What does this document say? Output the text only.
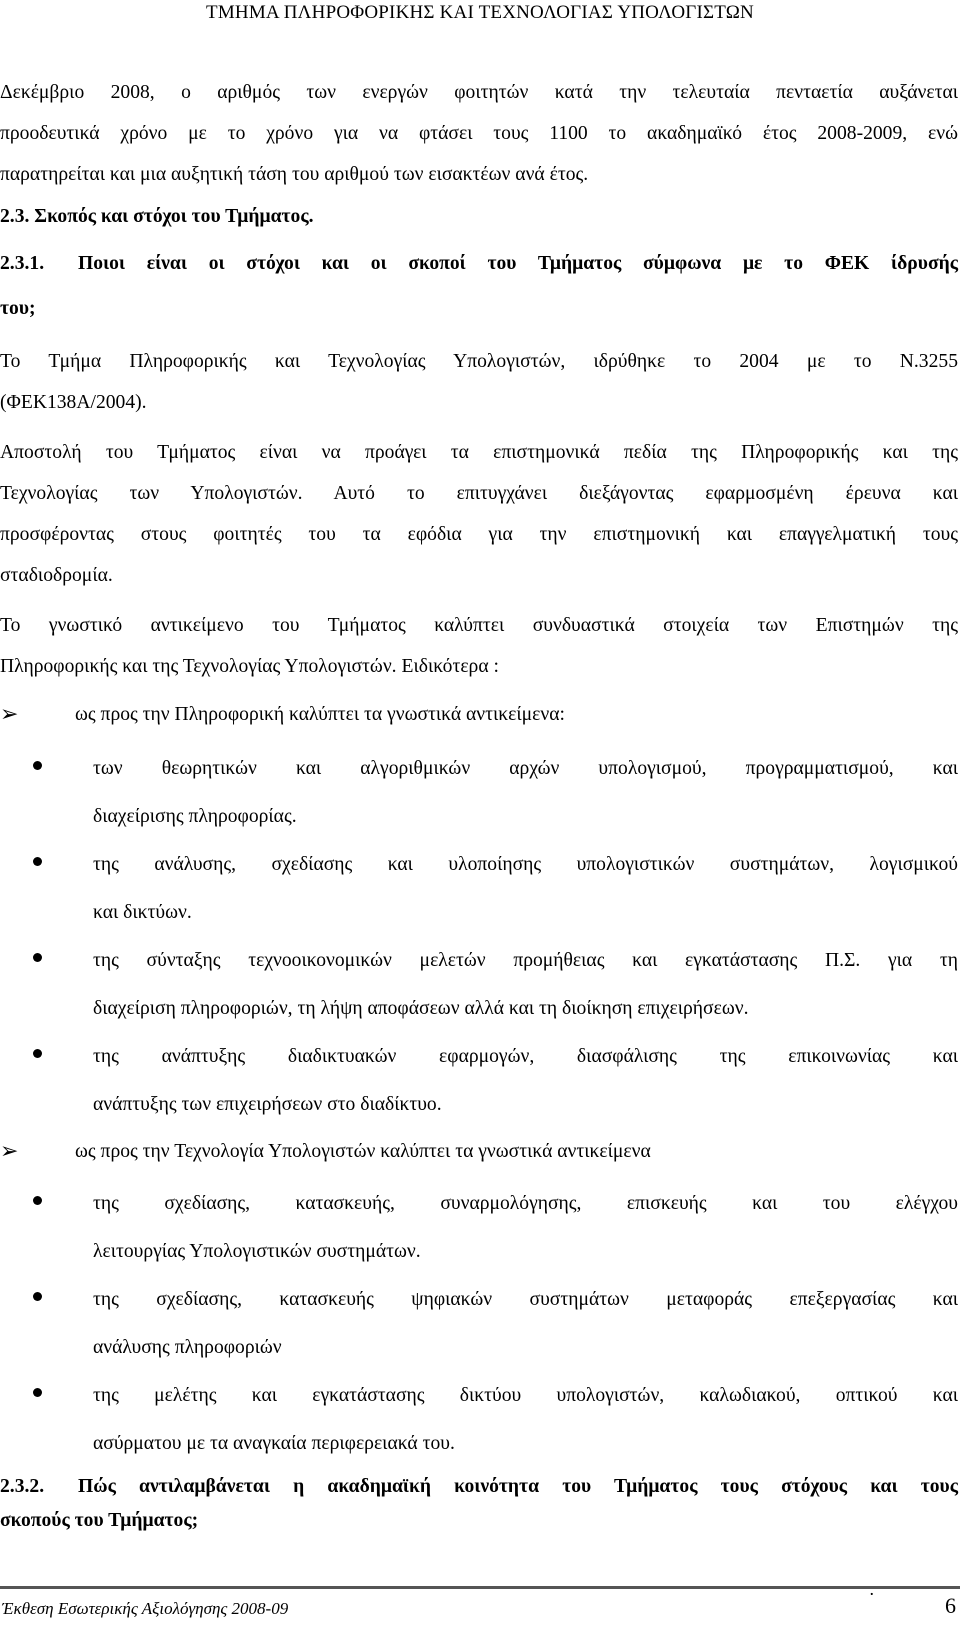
ΤΜΗΜΑ ΠΛΗΡΟΦΟΡΙΚΗΣ ΚΑΙ ΤΕΧΝΟΛΟΓΙΑΣ ΥΠΟΛΟΓΙΣΤΩΝ
Δεκέμβριο 2008, ο αριθμός των ενεργών φοιτητών κατά την τελευταία πενταετία αυξάνεται
προοδευτικά χρόνο με το χρόνο για να φτάσει τους 1100 το ακαδημαϊκό έτος 2008-2009, ενώ
παρατηρείται και μια αυξητική τάση του αριθμού των εισακτέων ανά έτος.
2.3. Σκοπός και στόχοι του Τμήματος.
2.3.1. Ποιοι είναι οι στόχοι και οι σκοποί του Τμήματος σύμφωνα με το ΦΕΚ ίδρυσής
του;
Το Τμήμα Πληροφορικής και Τεχνολογίας Υπολογιστών, ιδρύθηκε το 2004 με το Ν.3255
(ΦΕΚ138Α/2004).
Αποστολή του Τμήματος είναι να προάγει τα επιστημονικά πεδία της Πληροφορικής και της
Τεχνολογίας των Υπολογιστών. Αυτό το επιτυγχάνει διεξάγοντας εφαρμοσμένη έρευνα και
προσφέροντας στους φοιτητές του τα εφόδια για την επιστημονική και επαγγελματική τους
σταδιοδρομία.
Το γνωστικό αντικείμενο του Τμήματος καλύπτει συνδυαστικά στοιχεία των Επιστημών της
Πληροφορικής και της Τεχνολογίας Υπολογιστών. Ειδικότερα :
➢	ως προς την Πληροφορική καλύπτει τα γνωστικά αντικείμενα:
των θεωρητικών και αλγοριθμικών αρχών υπολογισμού, προγραμματισμού, και
διαχείρισης πληροφορίας.
της ανάλυσης, σχεδίασης και υλοποίησης υπολογιστικών συστημάτων, λογισμικού
και δικτύων.
της σύνταξης τεχνοοικονομικών μελετών προμήθειας και εγκατάστασης Π.Σ. για τη
διαχείριση πληροφοριών, τη λήψη αποφάσεων αλλά και τη διοίκηση επιχειρήσεων.
της ανάπτυξης διαδικτυακών εφαρμογών, διασφάλισης της επικοινωνίας και
ανάπτυξης των επιχειρήσεων στο διαδίκτυο.
➢	ως προς την Τεχνολογία Υπολογιστών καλύπτει τα γνωστικά αντικείμενα
της σχεδίασης, κατασκευής, συναρμολόγησης, επισκευής και του ελέγχου
λειτουργίας Υπολογιστικών συστημάτων.
της σχεδίασης, κατασκευής ψηφιακών συστημάτων μεταφοράς επεξεργασίας και
ανάλυσης πληροφοριών
της μελέτης και εγκατάστασης δικτύου υπολογιστών, καλωδιακού, οπτικού και
ασύρματου με τα αναγκαία περιφερειακά του.
2.3.2. Πώς αντιλαμβάνεται η ακαδημαϊκή κοινότητα του Τμήματος τους στόχους και τους
σκοπούς του Τμήματος;
Έκθεση Εσωτερικής Αξιολόγησης 2008-09
.
6
